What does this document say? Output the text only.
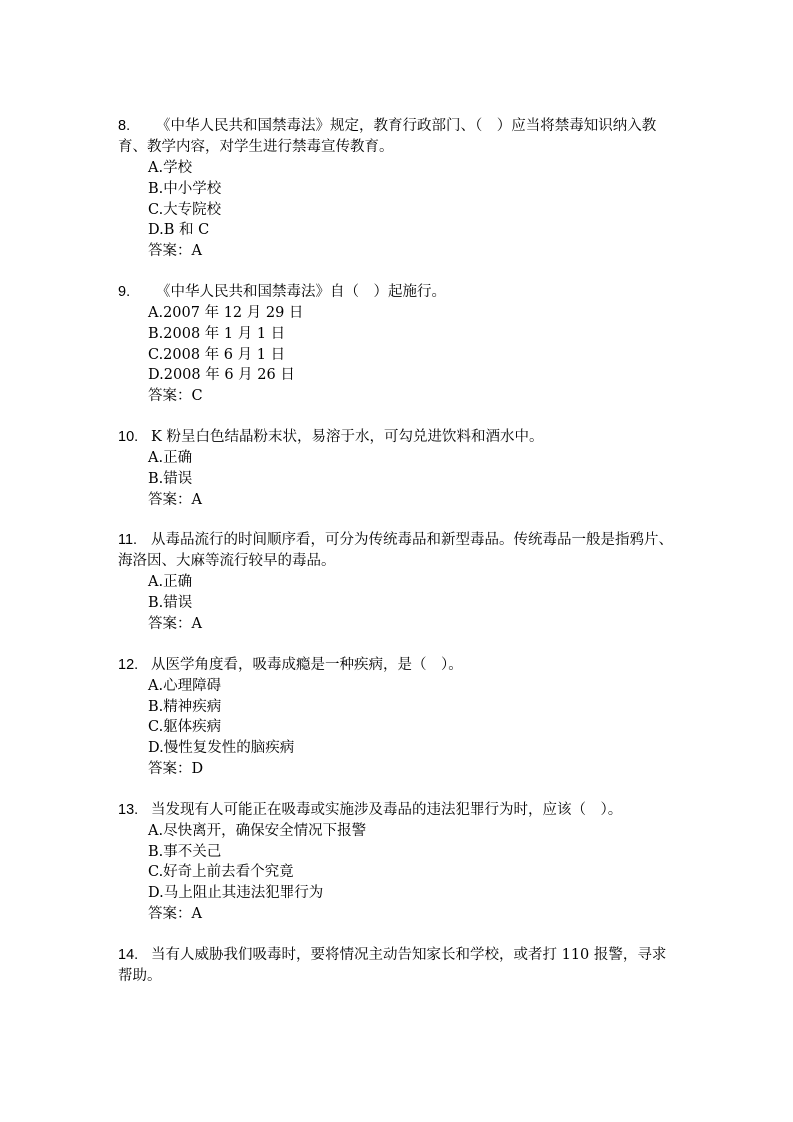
8. 《中华人民共和国禁毒法》规定，教育行政部门、（　）应当将禁毒知识纳入教育、教学内容，对学生进行禁毒宣传教育。

A.学校

B.中小学校

C.大专院校

D.B 和 C

答案：A

9. 《中华人民共和国禁毒法》自（　）起施行。

A.2007 年 12 月 29 日

B.2008 年 1 月 1 日

C.2008 年 6 月 1 日

D.2008 年 6 月 26 日

答案：C

10. K 粉呈白色结晶粉末状，易溶于水，可勾兑进饮料和酒水中。

A.正确

B.错误

答案：A

11. 从毒品流行的时间顺序看，可分为传统毒品和新型毒品。传统毒品一般是指鸦片、海洛因、大麻等流行较早的毒品。

A.正确

B.错误

答案：A

12. 从医学角度看，吸毒成瘾是一种疾病，是（　）。

A.心理障碍

B.精神疾病

C.躯体疾病

D.慢性复发性的脑疾病

答案：D

13. 当发现有人可能正在吸毒或实施涉及毒品的违法犯罪行为时，应该（　）。

A.尽快离开，确保安全情况下报警

B.事不关己

C.好奇上前去看个究竟

D.马上阻止其违法犯罪行为

答案：A

14. 当有人威胁我们吸毒时，要将情况主动告知家长和学校，或者打 110 报警，寻求帮助。
